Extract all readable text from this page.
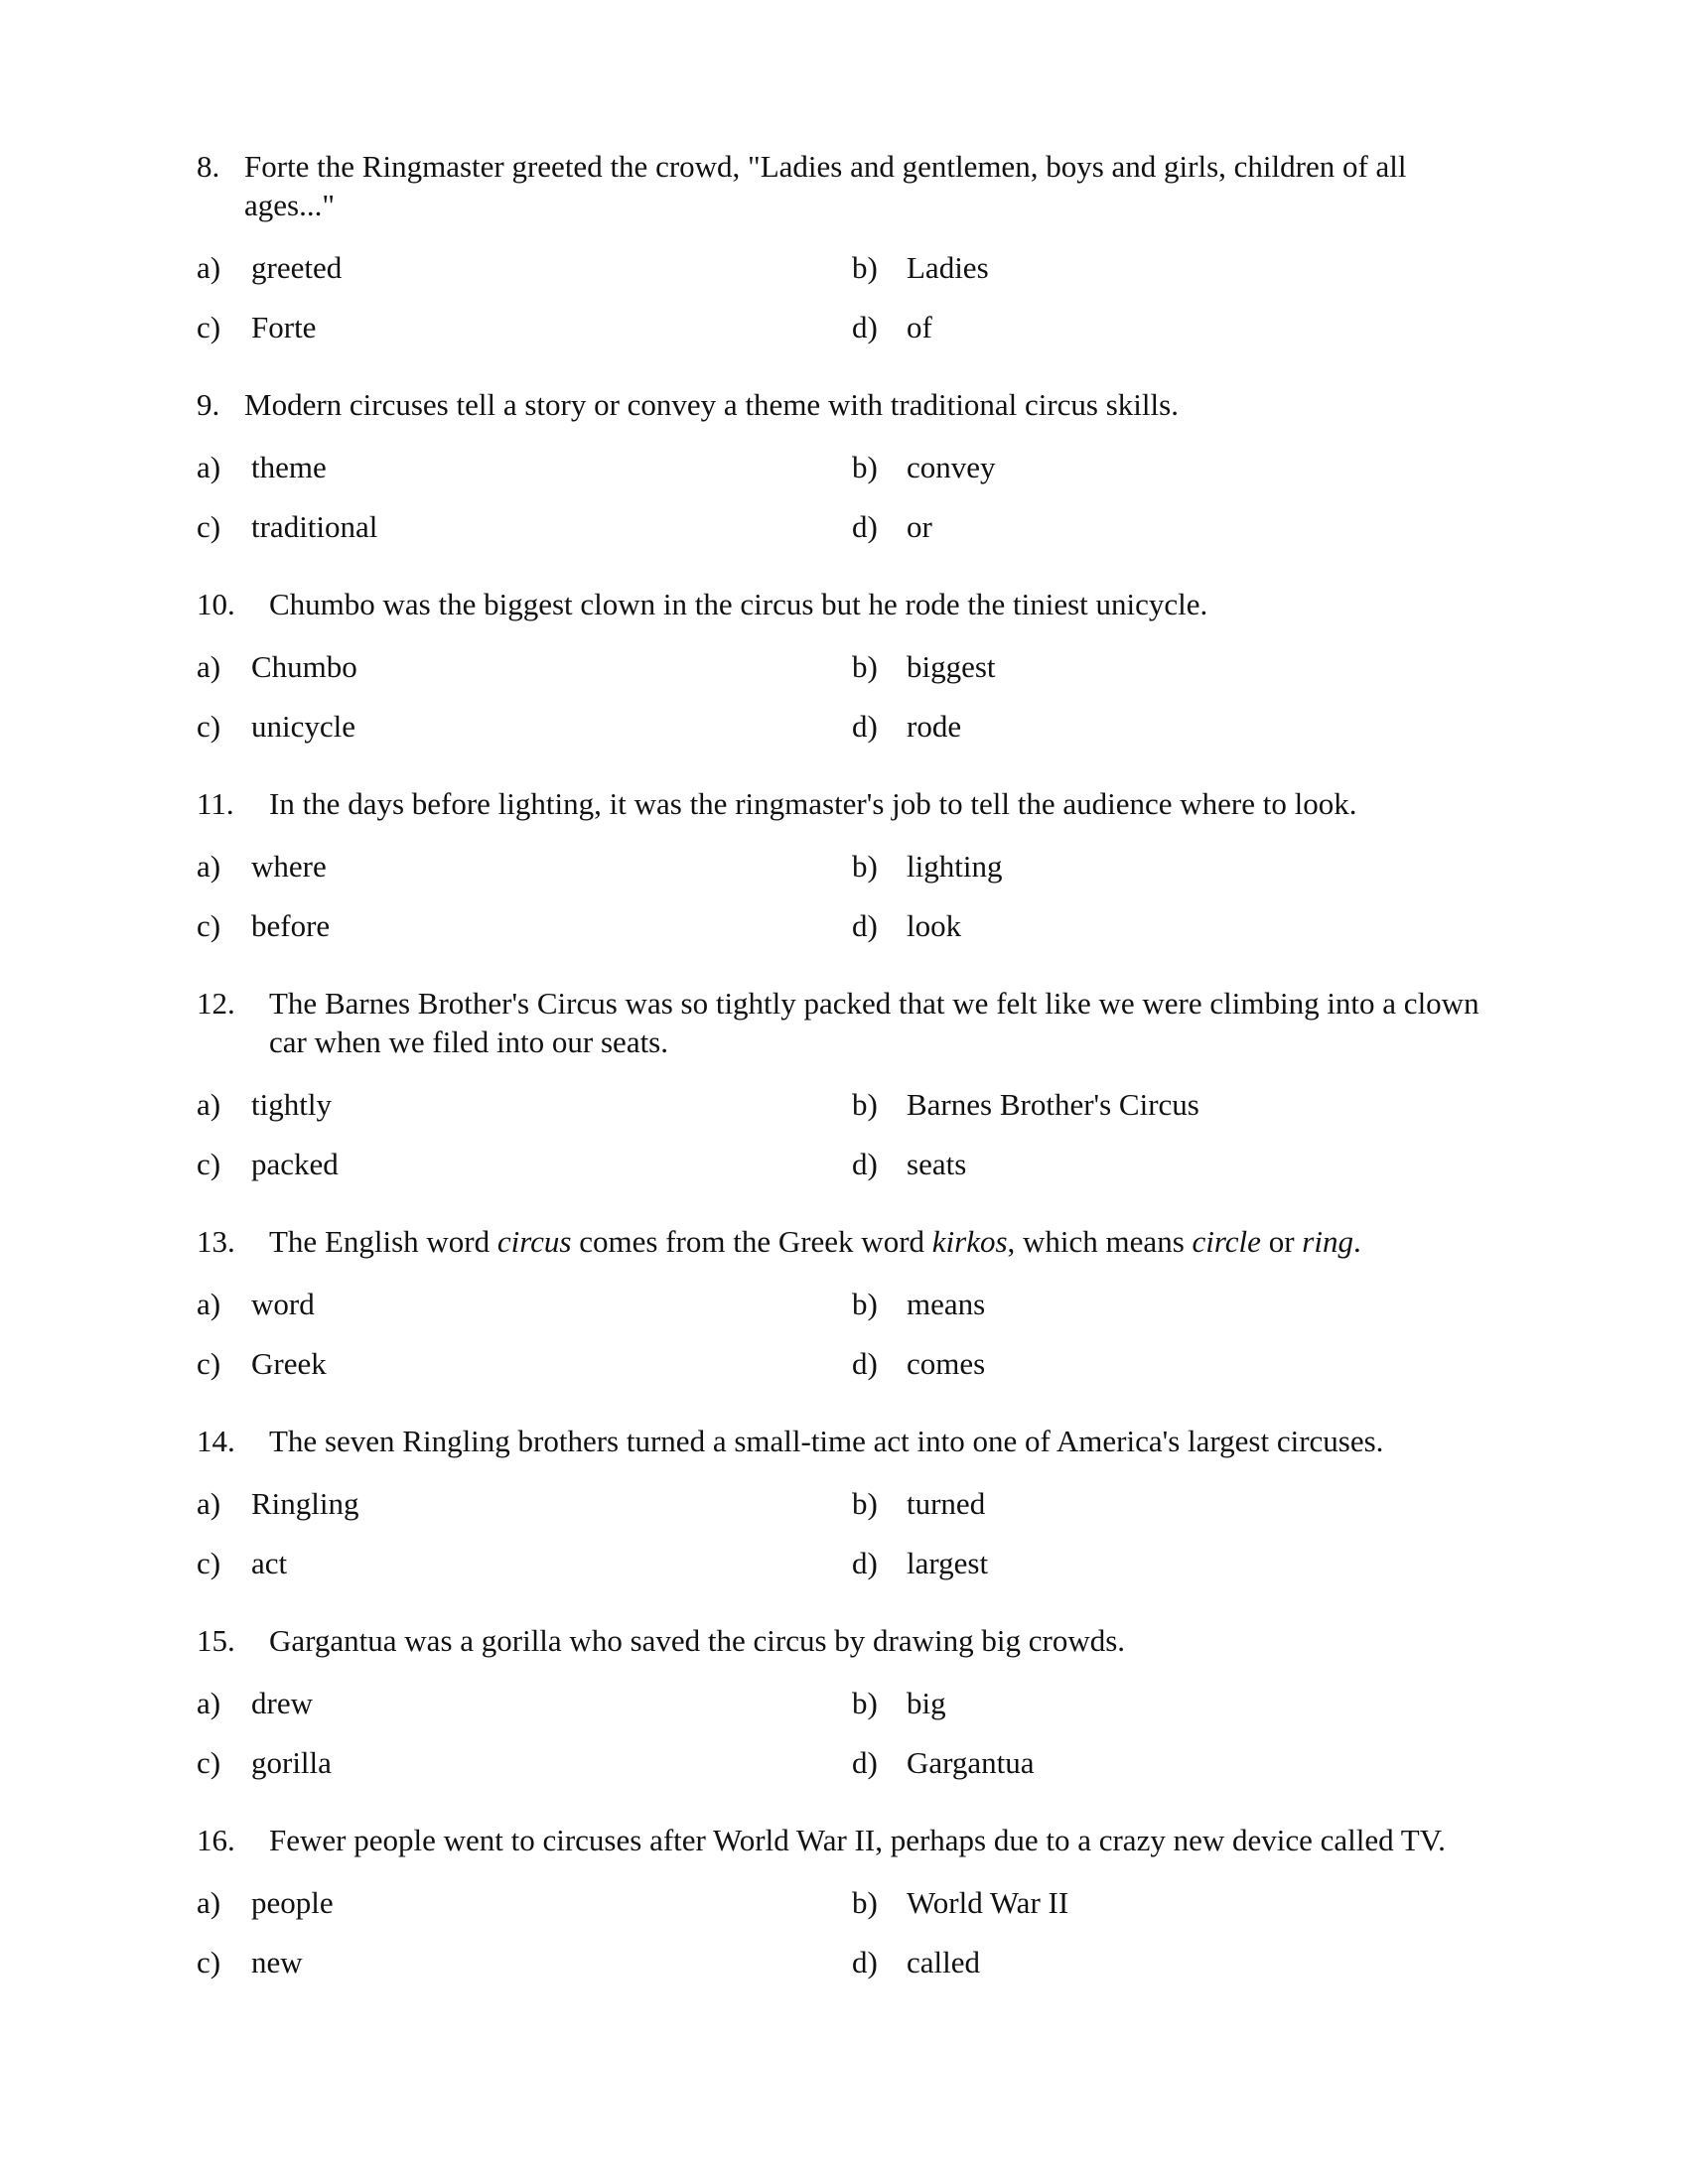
8. Forte the Ringmaster greeted the crowd, "Ladies and gentlemen, boys and girls, children of all ages..."
a) greeted	b) Ladies
c) Forte	d) of
9. Modern circuses tell a story or convey a theme with traditional circus skills.
a) theme	b) convey
c) traditional	d) or
10.	Chumbo was the biggest clown in the circus but he rode the tiniest unicycle.
a) Chumbo	b) biggest
c) unicycle	d) rode
11.	In the days before lighting, it was the ringmaster's job to tell the audience where to look.
a) where	b) lighting
c) before	d) look
12.	The Barnes Brother's Circus was so tightly packed that we felt like we were climbing into a clown car when we filed into our seats.
a) tightly	b) Barnes Brother's Circus
c) packed	d) seats
13.	The English word circus comes from the Greek word kirkos, which means circle or ring.
a) word	b) means
c) Greek	d) comes
14.	The seven Ringling brothers turned a small-time act into one of America's largest circuses.
a) Ringling	b) turned
c) act	d) largest
15.	Gargantua was a gorilla who saved the circus by drawing big crowds.
a) drew	b) big
c) gorilla	d) Gargantua
16.	Fewer people went to circuses after World War II, perhaps due to a crazy new device called TV.
a) people	b) World War II
c) new	d) called
